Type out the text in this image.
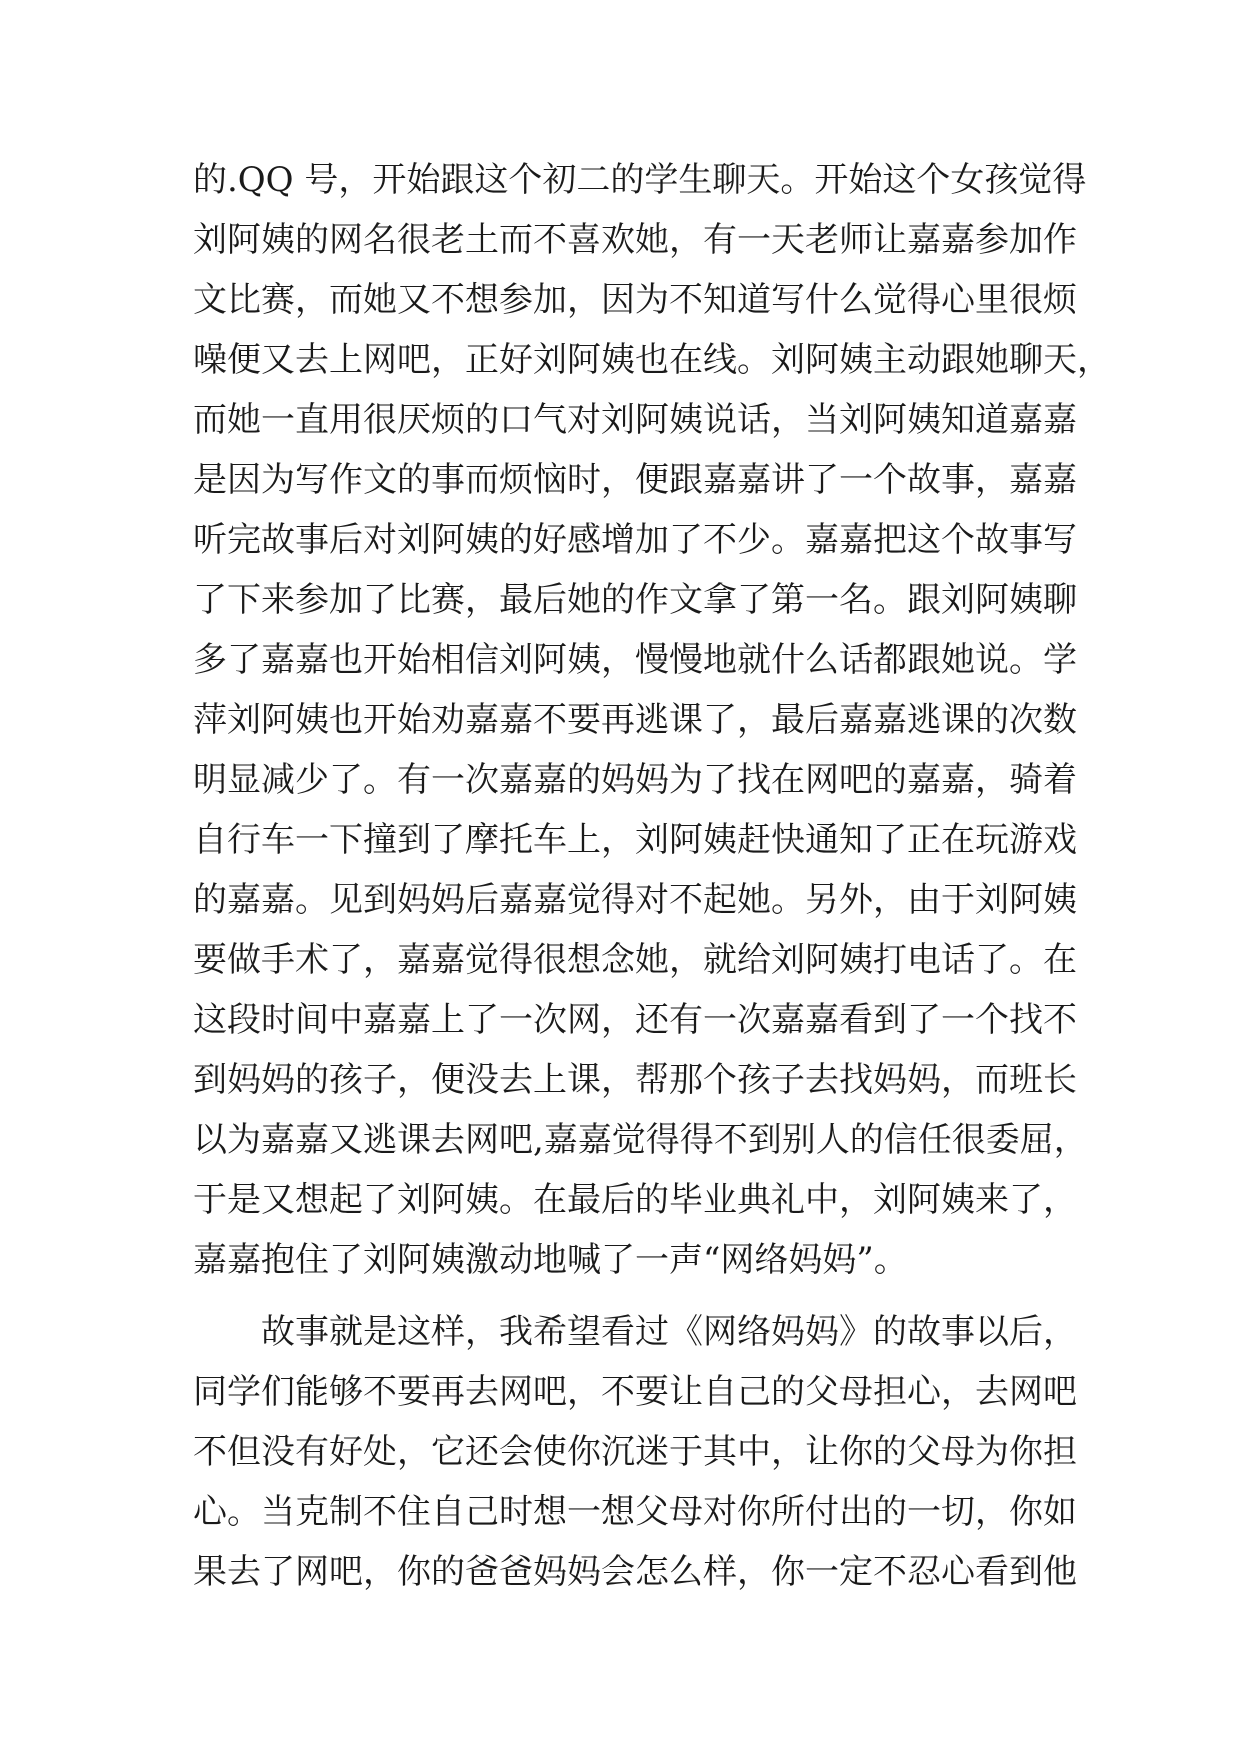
的.QQ 号，开始跟这个初二的学生聊天。开始这个女孩觉得
刘阿姨的网名很老土而不喜欢她，有一天老师让嘉嘉参加作
文比赛，而她又不想参加，因为不知道写什么觉得心里很烦
噪便又去上网吧，正好刘阿姨也在线。刘阿姨主动跟她聊天，
而她一直用很厌烦的口气对刘阿姨说话，当刘阿姨知道嘉嘉
是因为写作文的事而烦恼时，便跟嘉嘉讲了一个故事，嘉嘉
听完故事后对刘阿姨的好感增加了不少。嘉嘉把这个故事写
了下来参加了比赛，最后她的作文拿了第一名。跟刘阿姨聊
多了嘉嘉也开始相信刘阿姨，慢慢地就什么话都跟她说。学
萍刘阿姨也开始劝嘉嘉不要再逃课了，最后嘉嘉逃课的次数
明显减少了。有一次嘉嘉的妈妈为了找在网吧的嘉嘉，骑着
自行车一下撞到了摩托车上，刘阿姨赶快通知了正在玩游戏
的嘉嘉。见到妈妈后嘉嘉觉得对不起她。另外，由于刘阿姨
要做手术了，嘉嘉觉得很想念她，就给刘阿姨打电话了。在
这段时间中嘉嘉上了一次网，还有一次嘉嘉看到了一个找不
到妈妈的孩子，便没去上课，帮那个孩子去找妈妈，而班长
以为嘉嘉又逃课去网吧,嘉嘉觉得得不到别人的信任很委屈，
于是又想起了刘阿姨。在最后的毕业典礼中，刘阿姨来了，
嘉嘉抱住了刘阿姨激动地喊了一声“网络妈妈”。
故事就是这样，我希望看过《网络妈妈》的故事以后，
同学们能够不要再去网吧，不要让自己的父母担心，去网吧
不但没有好处，它还会使你沉迷于其中，让你的父母为你担
心。当克制不住自己时想一想父母对你所付出的一切，你如
果去了网吧，你的爸爸妈妈会怎么样，你一定不忍心看到他
